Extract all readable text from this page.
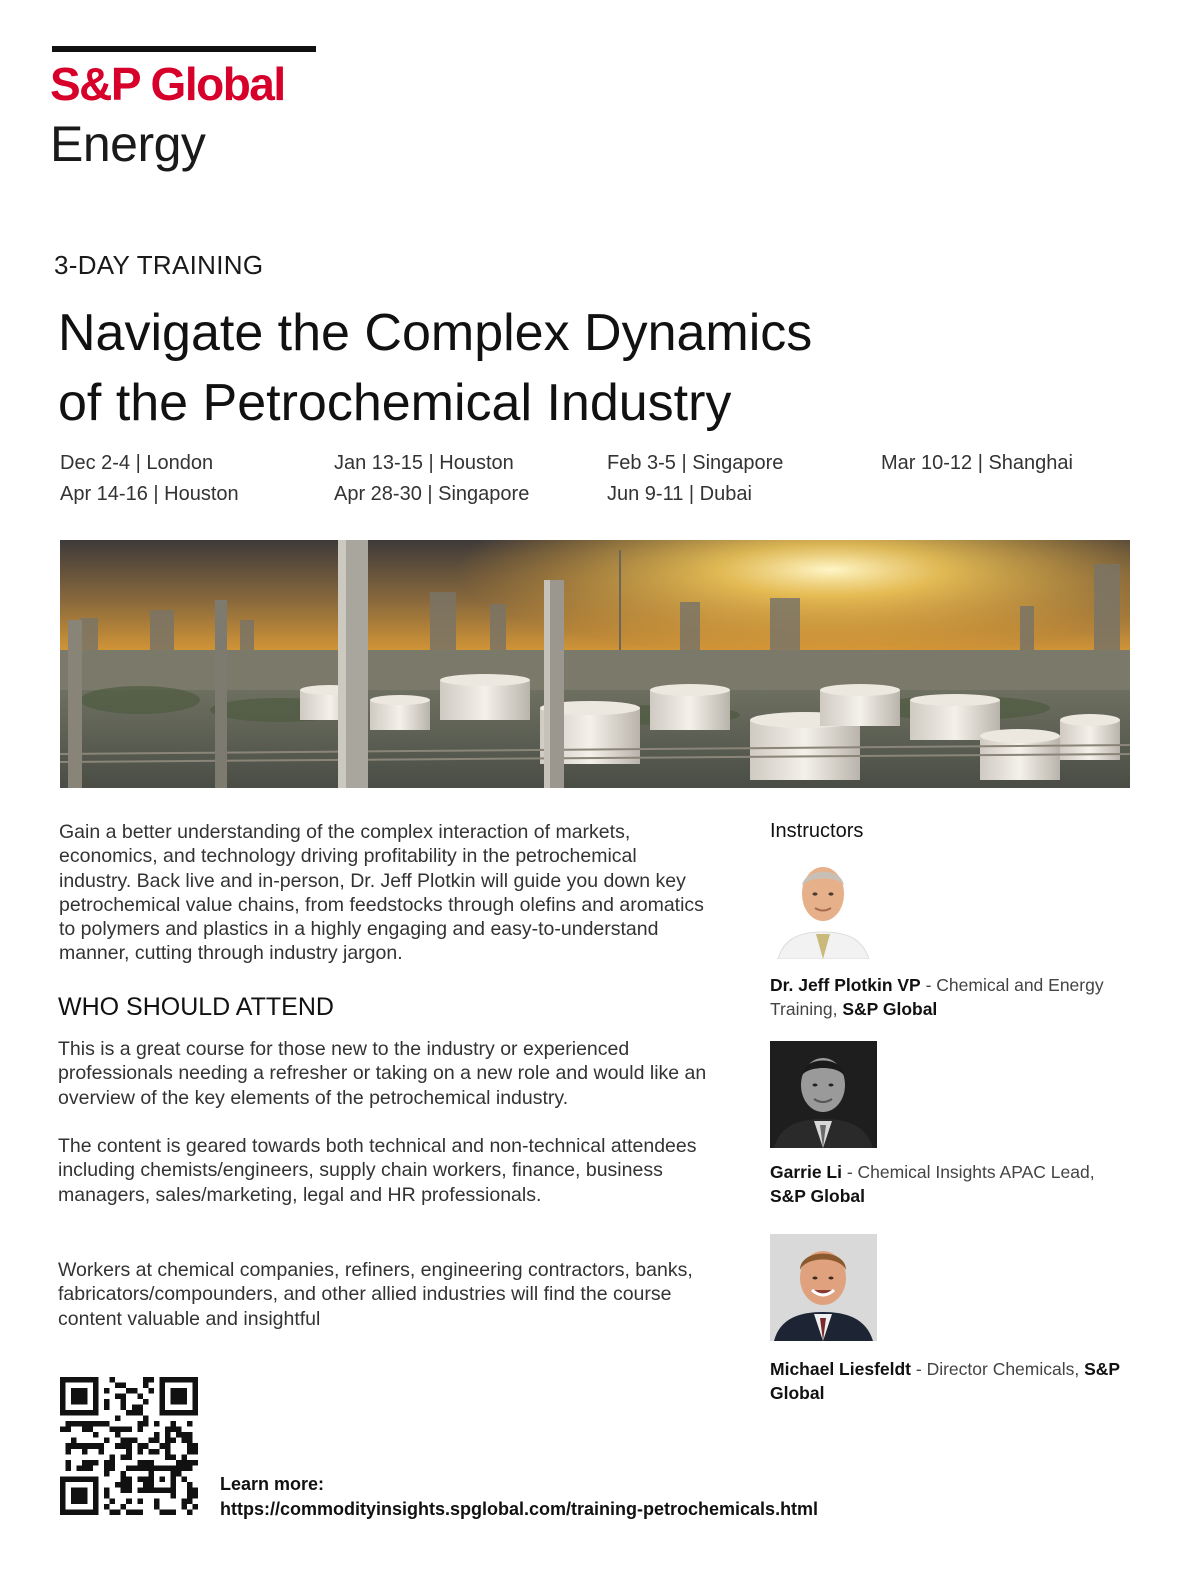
S&P Global
Energy
3-DAY TRAINING
Navigate the Complex Dynamics
of the Petrochemical Industry
Dec 2-4 | London	Jan 13-15 | Houston	Feb 3-5 | Singapore	Mar 10-12 | Shanghai
Apr 14-16 | Houston	Apr 28-30 | Singapore	Jun 9-11 | Dubai

Gain a better understanding of the complex interaction of markets, economics, and technology driving profitability in the petrochemical industry. Back live and in-person, Dr. Jeff Plotkin will guide you down key petrochemical value chains, from feedstocks through olefins and aromatics to polymers and plastics in a highly engaging and easy-to-understand manner, cutting through industry jargon.

WHO SHOULD ATTEND

This is a great course for those new to the industry or experienced professionals needing a refresher or taking on a new role and would like an overview of the key elements of the petrochemical industry.

The content is geared towards both technical and non-technical attendees including chemists/engineers, supply chain workers, finance, business managers, sales/marketing, legal and HR professionals.

Workers at chemical companies, refiners, engineering contractors, banks, fabricators/compounders, and other allied industries will find the course content valuable and insightful

Instructors
Dr. Jeff Plotkin VP - Chemical and Energy Training, S&P Global
Garrie Li - Chemical Insights APAC Lead, S&P Global
Michael Liesfeldt - Director Chemicals, S&P Global
Learn more:
https://commodityinsights.spglobal.com/training-petrochemicals.html
